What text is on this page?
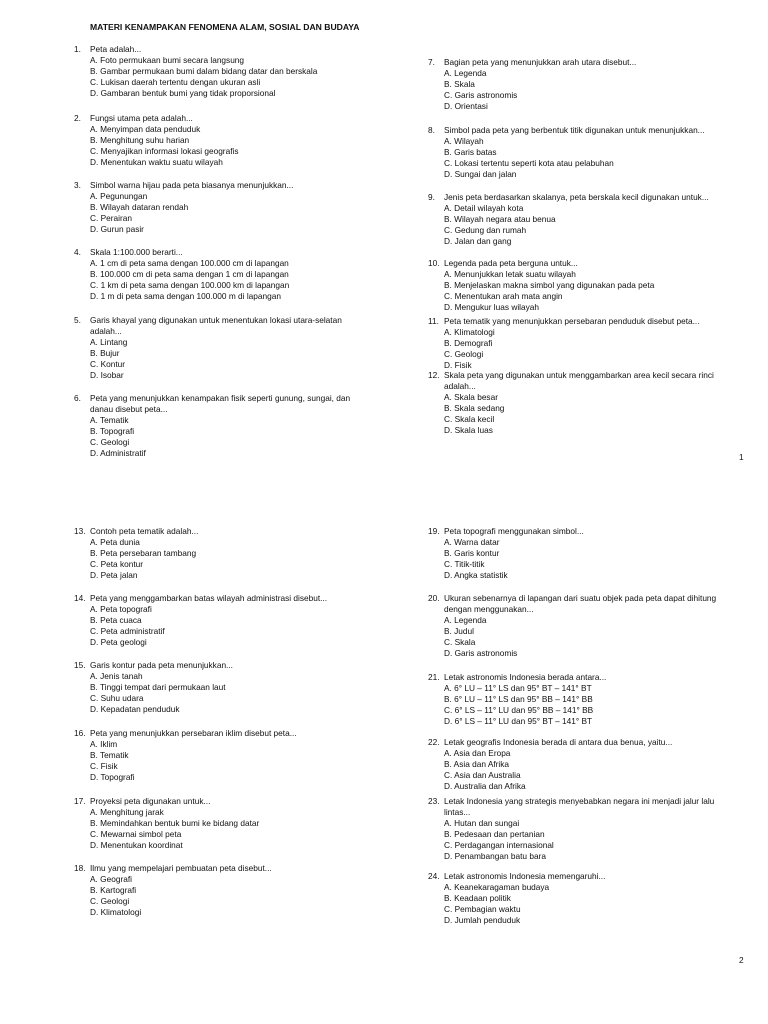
MATERI KENAMPAKAN FENOMENA ALAM, SOSIAL DAN BUDAYA
1. Peta adalah...
A. Foto permukaan bumi secara langsung
B. Gambar permukaan bumi dalam bidang datar dan berskala
C. Lukisan daerah tertentu dengan ukuran asli
D. Gambaran bentuk bumi yang tidak proporsional
2. Fungsi utama peta adalah...
A. Menyimpan data penduduk
B. Menghitung suhu harian
C. Menyajikan informasi lokasi geografis
D. Menentukan waktu suatu wilayah
3. Simbol warna hijau pada peta biasanya menunjukkan...
A. Pegunungan
B. Wilayah dataran rendah
C. Perairan
D. Gurun pasir
4. Skala 1:100.000 berarti...
A. 1 cm di peta sama dengan 100.000 cm di lapangan
B. 100.000 cm di peta sama dengan 1 cm di lapangan
C. 1 km di peta sama dengan 100.000 km di lapangan
D. 1 m di peta sama dengan 100.000 m di lapangan
5. Garis khayal yang digunakan untuk menentukan lokasi utara-selatan
adalah...
A. Lintang
B. Bujur
C. Kontur
D. Isobar
6. Peta yang menunjukkan kenampakan fisik seperti gunung, sungai, dan
danau disebut peta...
A. Tematik
B. Topografi
C. Geologi
D. Administratif
7. Bagian peta yang menunjukkan arah utara disebut...
A. Legenda
B. Skala
C. Garis astronomis
D. Orientasi
8. Simbol pada peta yang berbentuk titik digunakan untuk menunjukkan...
A. Wilayah
B. Garis batas
C. Lokasi tertentu seperti kota atau pelabuhan
D. Sungai dan jalan
9. Jenis peta berdasarkan skalanya, peta berskala kecil digunakan untuk...
A. Detail wilayah kota
B. Wilayah negara atau benua
C. Gedung dan rumah
D. Jalan dan gang
10. Legenda pada peta berguna untuk...
A. Menunjukkan letak suatu wilayah
B. Menjelaskan makna simbol yang digunakan pada peta
C. Menentukan arah mata angin
D. Mengukur luas wilayah
11. Peta tematik yang menunjukkan persebaran penduduk disebut peta...
A. Klimatologi
B. Demografi
C. Geologi
D. Fisik
12. Skala peta yang digunakan untuk menggambarkan area kecil secara rinci
adalah...
A. Skala besar
B. Skala sedang
C. Skala kecil
D. Skala luas
1
13. Contoh peta tematik adalah...
A. Peta dunia
B. Peta persebaran tambang
C. Peta kontur
D. Peta jalan
14. Peta yang menggambarkan batas wilayah administrasi disebut...
A. Peta topografi
B. Peta cuaca
C. Peta administratif
D. Peta geologi
15. Garis kontur pada peta menunjukkan...
A. Jenis tanah
B. Tinggi tempat dari permukaan laut
C. Suhu udara
D. Kepadatan penduduk
16. Peta yang menunjukkan persebaran iklim disebut peta...
A. Iklim
B. Tematik
C. Fisik
D. Topografi
17. Proyeksi peta digunakan untuk...
A. Menghitung jarak
B. Memindahkan bentuk bumi ke bidang datar
C. Mewarnai simbol peta
D. Menentukan koordinat
18. Ilmu yang mempelajari pembuatan peta disebut...
A. Geografi
B. Kartografi
C. Geologi
D. Klimatologi
19. Peta topografi menggunakan simbol...
A. Warna datar
B. Garis kontur
C. Titik-titik
D. Angka statistik
20. Ukuran sebenarnya di lapangan dari suatu objek pada peta dapat dihitung
dengan menggunakan...
A. Legenda
B. Judul
C. Skala
D. Garis astronomis
21. Letak astronomis Indonesia berada antara...
A. 6° LU – 11° LS dan 95° BT – 141° BT
B. 6° LU – 11° LS dan 95° BB – 141° BB
C. 6° LS – 11° LU dan 95° BB – 141° BB
D. 6° LS – 11° LU dan 95° BT – 141° BT
22. Letak geografis Indonesia berada di antara dua benua, yaitu...
A. Asia dan Eropa
B. Asia dan Afrika
C. Asia dan Australia
D. Australia dan Afrika
23. Letak Indonesia yang strategis menyebabkan negara ini menjadi jalur lalu
lintas...
A. Hutan dan sungai
B. Pedesaan dan pertanian
C. Perdagangan internasional
D. Penambangan batu bara
24. Letak astronomis Indonesia memengaruhi...
A. Keanekaragaman budaya
B. Keadaan politik
C. Pembagian waktu
D. Jumlah penduduk
2
